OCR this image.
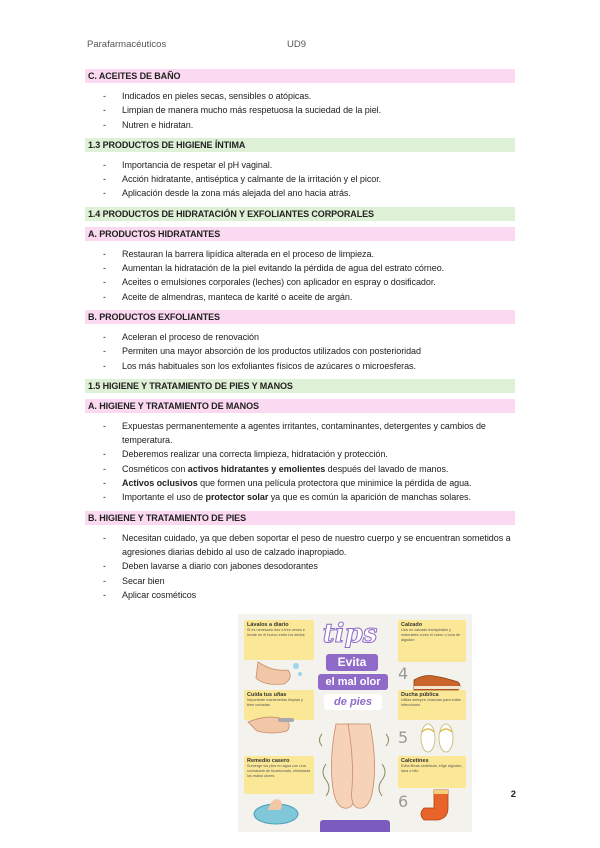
Parafarmacéuticos	UD9
C. ACEITES DE BAÑO
- Indicados en pieles secas, sensibles o atópicas.
- Limpian de manera mucho más respetuosa la suciedad de la piel.
- Nutren e hidratan.
1.3 PRODUCTOS DE HIGIENE ÍNTIMA
- Importancia de respetar el pH vaginal.
- Acción hidratante, antiséptica y calmante de la irritación y el picor.
- Aplicación desde la zona más alejada del ano hacia atrás.
1.4 PRODUCTOS DE HIDRATACIÓN Y EXFOLIANTES CORPORALES
A. PRODUCTOS HIDRATANTES
- Restauran la barrera lipídica alterada en el proceso de limpieza.
- Aumentan la hidratación de la piel evitando la pérdida de agua del estrato córneo.
- Aceites o emulsiones corporales (leches) con aplicador en espray o dosificador.
- Aceite de almendras, manteca de karité o aceite de argán.
B. PRODUCTOS EXFOLIANTES
- Aceleran el proceso de renovación
- Permiten una mayor absorción de los productos utilizados con posterioridad
- Los más habituales son los exfoliantes físicos de azúcares o microesferas.
1.5 HIGIENE Y TRATAMIENTO DE PIES Y MANOS
A. HIGIENE Y TRATAMIENTO DE MANOS
- Expuestas permanentemente a agentes irritantes, contaminantes, detergentes y cambios de temperatura.
- Deberemos realizar una correcta limpieza, hidratación y protección.
- Cosméticos con activos hidratantes y emolientes después del lavado de manos.
- Activos oclusivos que formen una película protectora que minimice la pérdida de agua.
- Importante el uso de protector solar ya que es común la aparición de manchas solares.
B. HIGIENE Y TRATAMIENTO DE PIES
- Necesitan cuidado, ya que deben soportar el peso de nuestro cuerpo y se encuentran sometidos a agresiones diarias debido al uso de calzado inapropiado.
- Deben lavarse a diario con jabones desodorantes
- Secar bien
- Aplicar cosméticos
Lávalos a diario
Si es necesario dos o tres veces e incide en el hueco entre los dedos
Cuida tus uñas
Importante mantenerlas limpias y bien cortadas
Remedio casero
Sumerge los pies en agua con una cucharada de bicarbonato, eliminarás los malos olores
Calzado
Usa un calzado transpirable y materiales como el cuero o lona de algodón
Ducha pública
Utiliza siempre chanclas para evitar infecciones
Calcetines
Evita fibras sintéticas, elige algodón, lana o hilo
4
5
6
tips
Evita
el mal olor
de pies
2
